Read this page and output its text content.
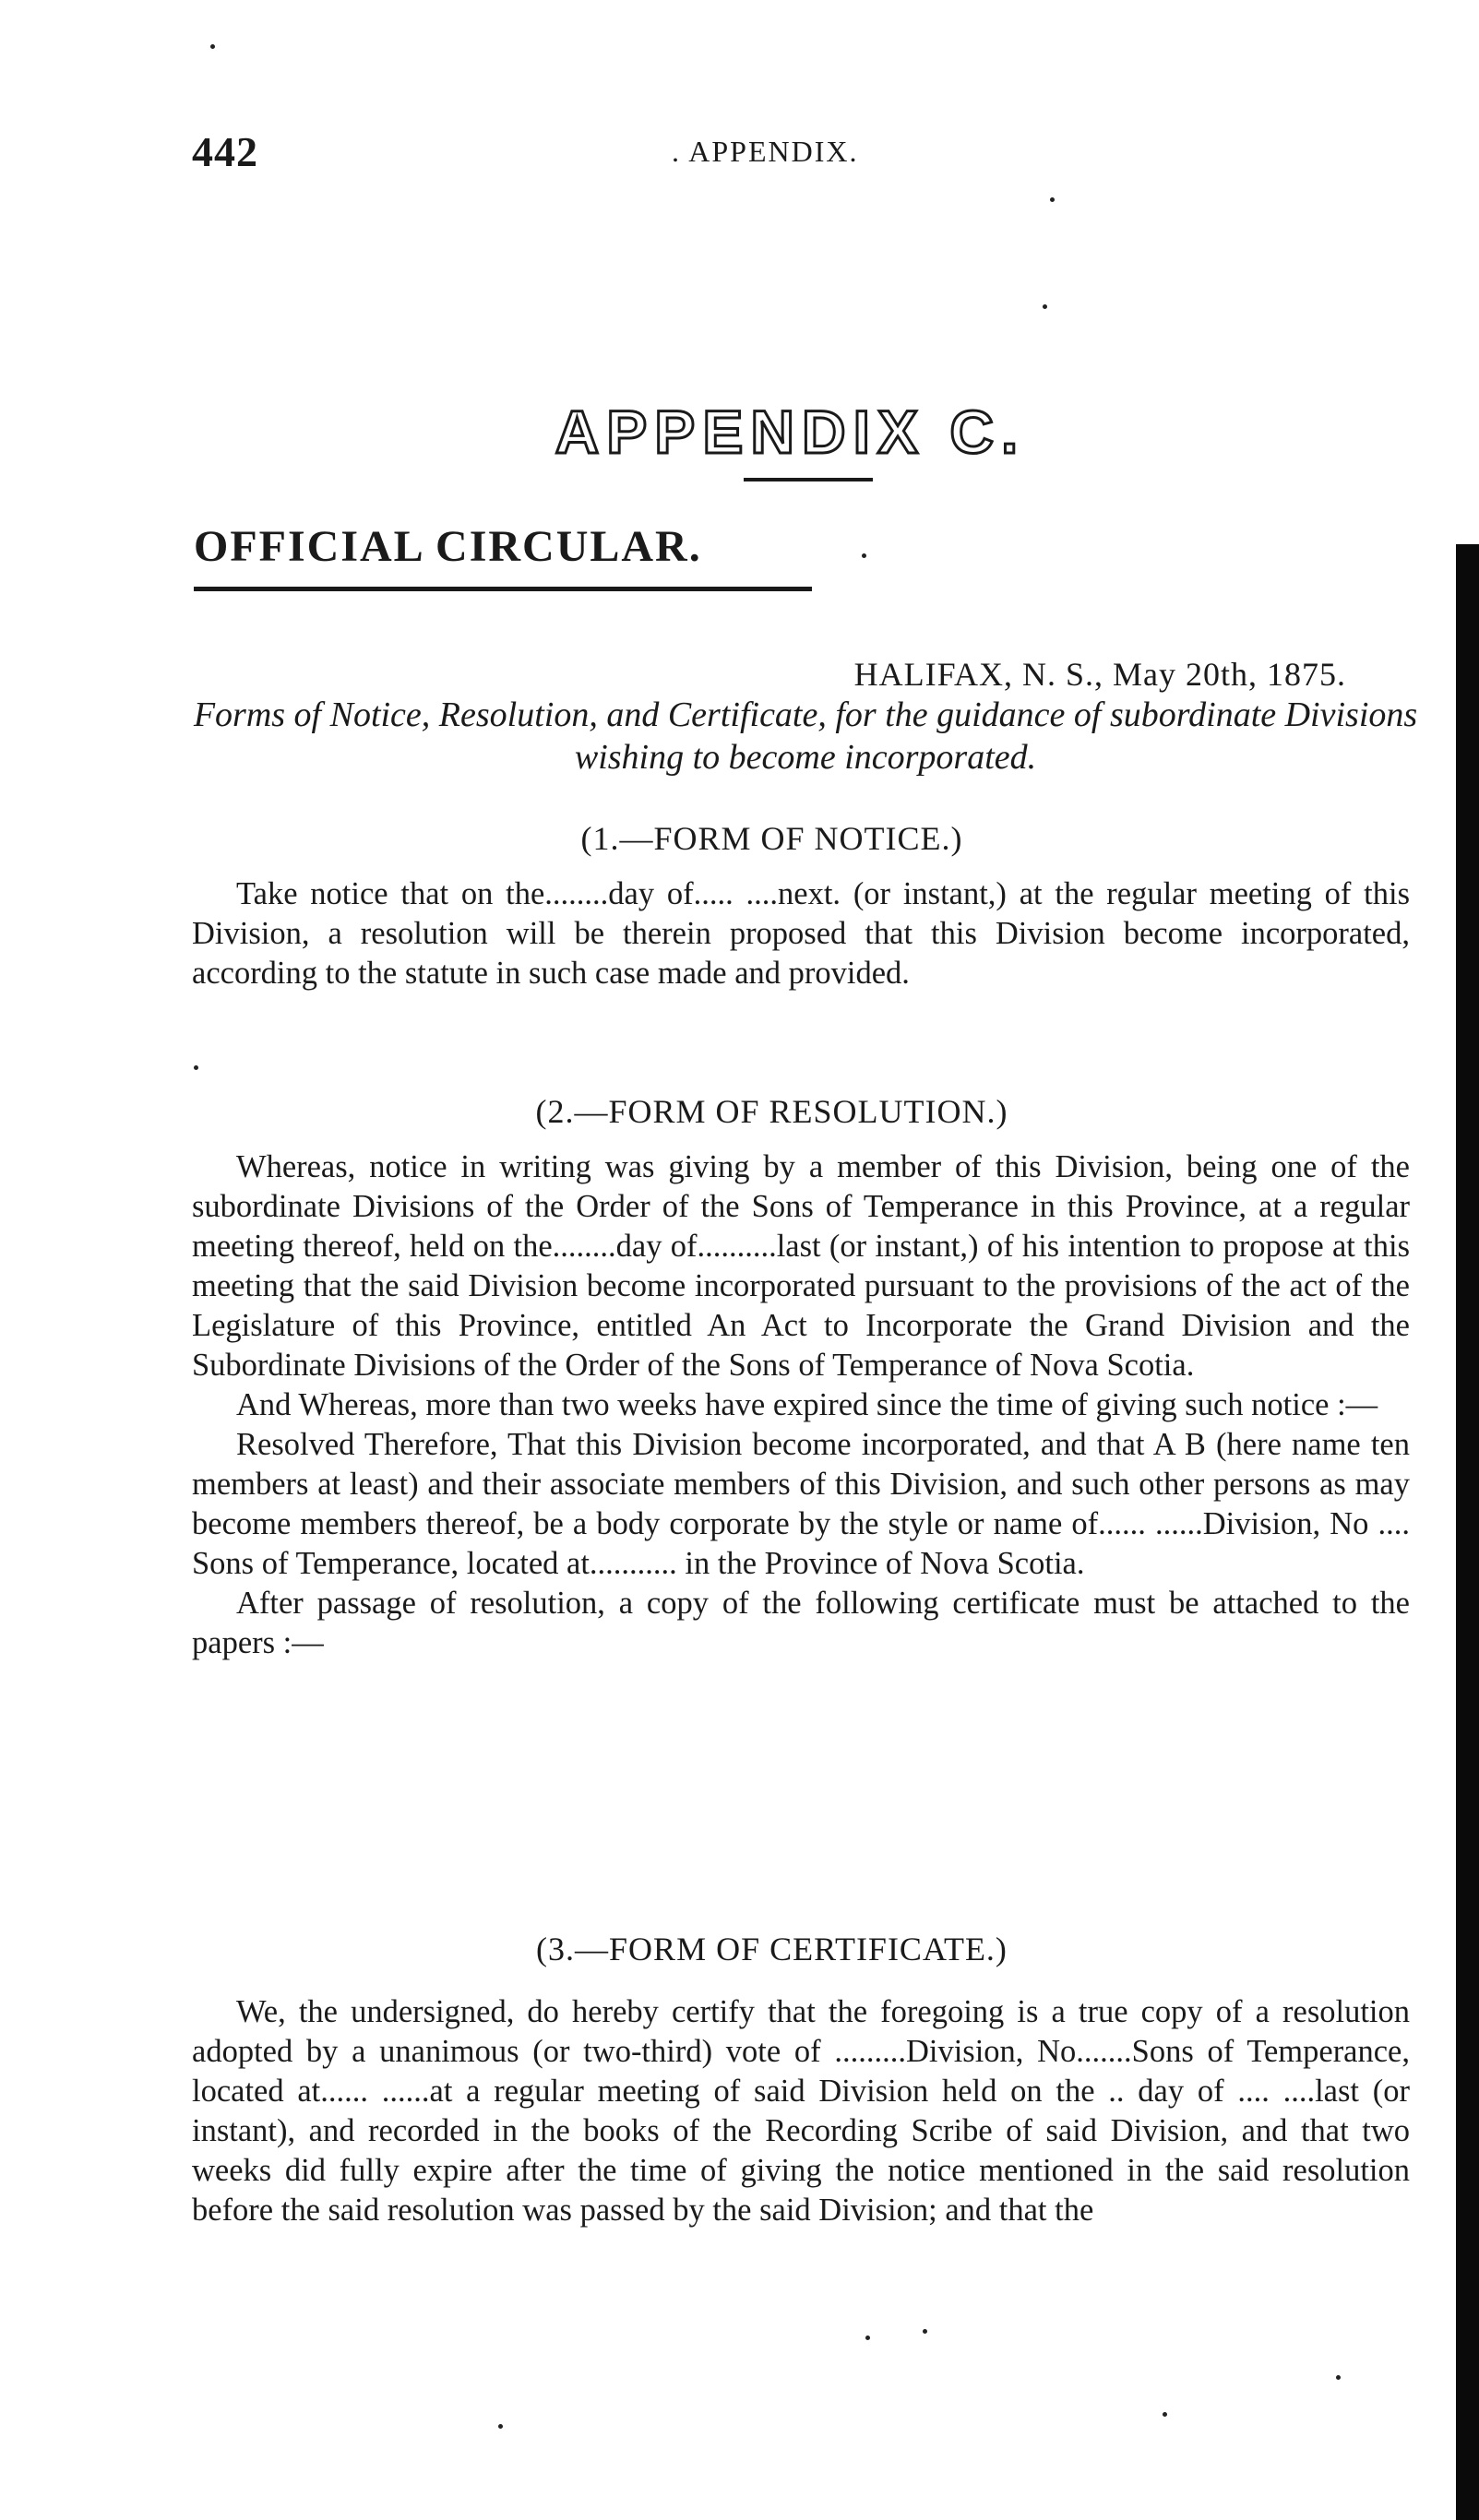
442	. APPENDIX.
APPENDIX C.
OFFICIAL CIRCULAR.
HALIFAX, N. S., May 20th, 1875.
Forms of Notice, Resolution, and Certificate, for the guidance of subordinate Divisions wishing to become incorporated.
(1.—FORM OF NOTICE.)

Take notice that on the........day of..... ....next. (or instant,) at the regular meeting of this Division, a resolution will be therein proposed that this Division become incorporated, according to the statute in such case made and provided.

(2.—FORM OF RESOLUTION.)

Whereas, notice in writing was giving by a member of this Division, being one of the subordinate Divisions of the Order of the Sons of Temperance in this Province, at a regular meeting thereof, held on the........day of..........last (or instant,) of his intention to propose at this meeting that the said Division become incorporated pursuant to the provisions of the act of the Legislature of this Province, entitled An Act to Incorporate the Grand Division and the Subordinate Divisions of the Order of the Sons of Temperance of Nova Scotia.

And Whereas, more than two weeks have expired since the time of giving such notice :—

Resolved Therefore, That this Division become incorporated, and that A B (here name ten members at least) and their associate members of this Division, and such other persons as may become members thereof, be a body corporate by the style or name of...... ......Division, No .... Sons of Temperance, located at........... in the Province of Nova Scotia.

After passage of resolution, a copy of the following certificate must be attached to the papers :—

(3.—FORM OF CERTIFICATE.)

We, the undersigned, do hereby certify that the foregoing is a true copy of a resolution adopted by a unanimous (or two-third) vote of .........Division, No.......Sons of Temperance, located at...... ......at a regular meeting of said Division held on the .. day of .... ....last (or instant), and recorded in the books of the Recording Scribe of said Division, and that two weeks did fully expire after the time of giving the notice mentioned in the said resolution before the said resolution was passed by the said Division; and that the
